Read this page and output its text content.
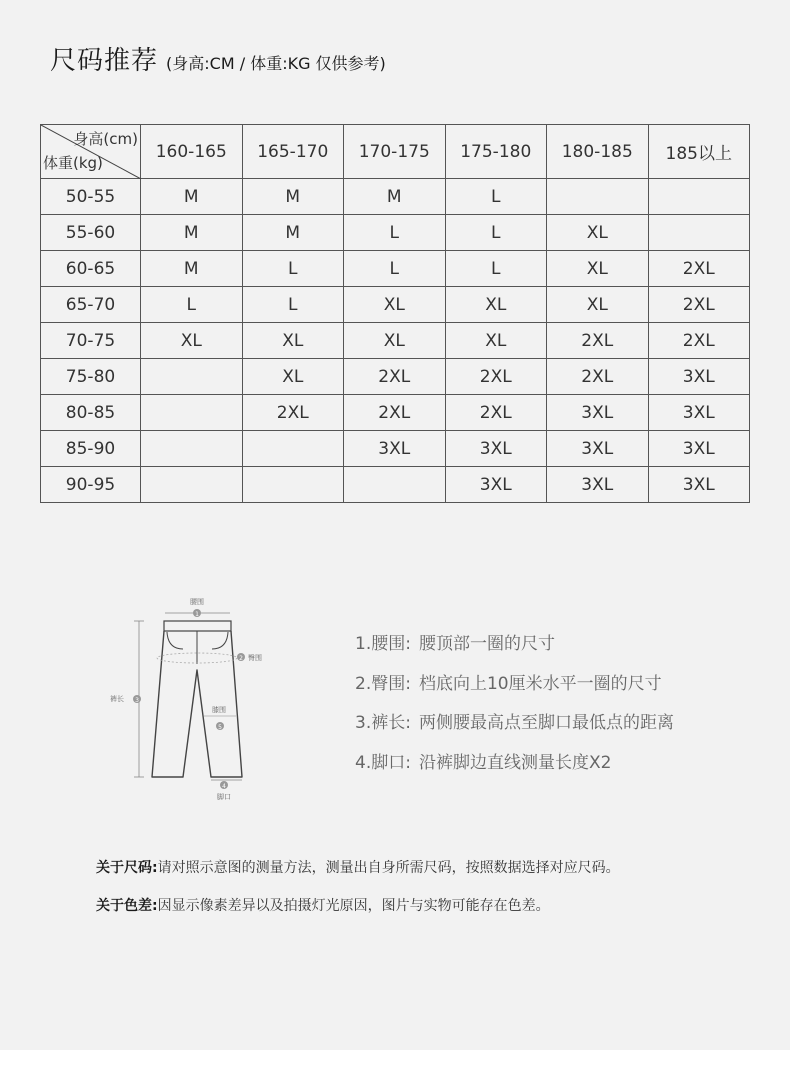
尺码推荐 (身高:CM / 体重:KG 仅供参考)
身高(cm)
体重(kg)	160-165	165-170	170-175	175-180	180-185	185以上
50-55	M	M	M	L		
55-60	M	M	L	L	XL	
60-65	M	L	L	L	XL	2XL
65-70	L	L	XL	XL	XL	2XL
70-75	XL	XL	XL	XL	2XL	2XL
75-80		XL	2XL	2XL	2XL	3XL
80-85		2XL	2XL	2XL	3XL	3XL
85-90			3XL	3XL	3XL	3XL
90-95				3XL	3XL	3XL
腰围
1
裤长 3
2 臀围
膝围
5
4
脚口
1.腰围: 腰顶部一圈的尺寸
2.臀围: 档底向上10厘米水平一圈的尺寸
3.裤长: 两侧腰最高点至脚口最低点的距离
4.脚口: 沿裤脚边直线测量长度X2
关于尺码:请对照示意图的测量方法，测量出自身所需尺码，按照数据选择对应尺码。
关于色差:因显示像素差异以及拍摄灯光原因，图片与实物可能存在色差。
